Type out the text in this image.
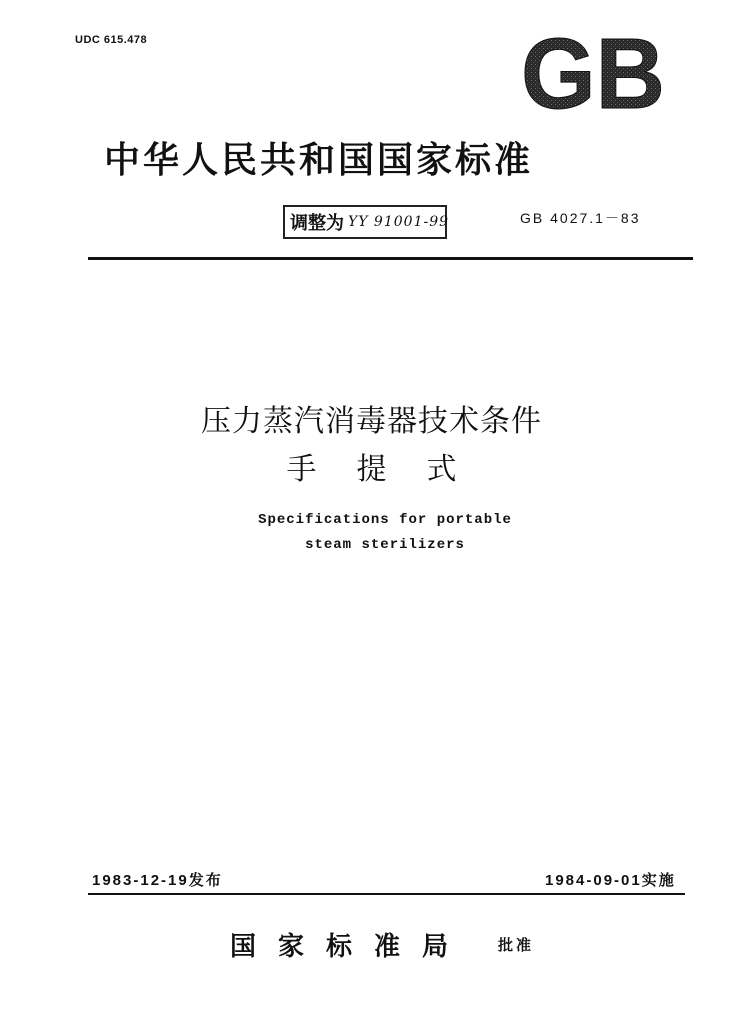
UDC 615.478	GB
中华人民共和国国家标准
调整为 YY 91001-99	GB 4027.1－83
压力蒸汽消毒器技术条件
手提式
Specifications for portable
steam sterilizers
1983-12-19发布	1984-09-01实施
国家标准局 批准
